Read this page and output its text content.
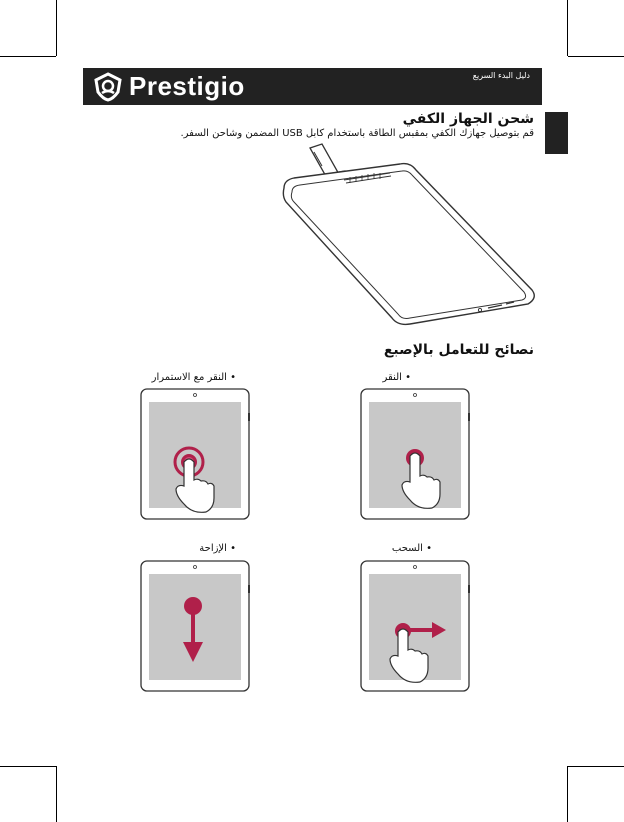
Prestigio	دليل البدء السريع
شحن الجهاز الكفي
قم بتوصيل جهازك الكفي بمقبس الطاقة باستخدام كابل USB المضمن وشاحن السفر.
نصائح للتعامل بالإصبع
• النقر
• النقر مع الاستمرار
• السحب
• الإزاحة
